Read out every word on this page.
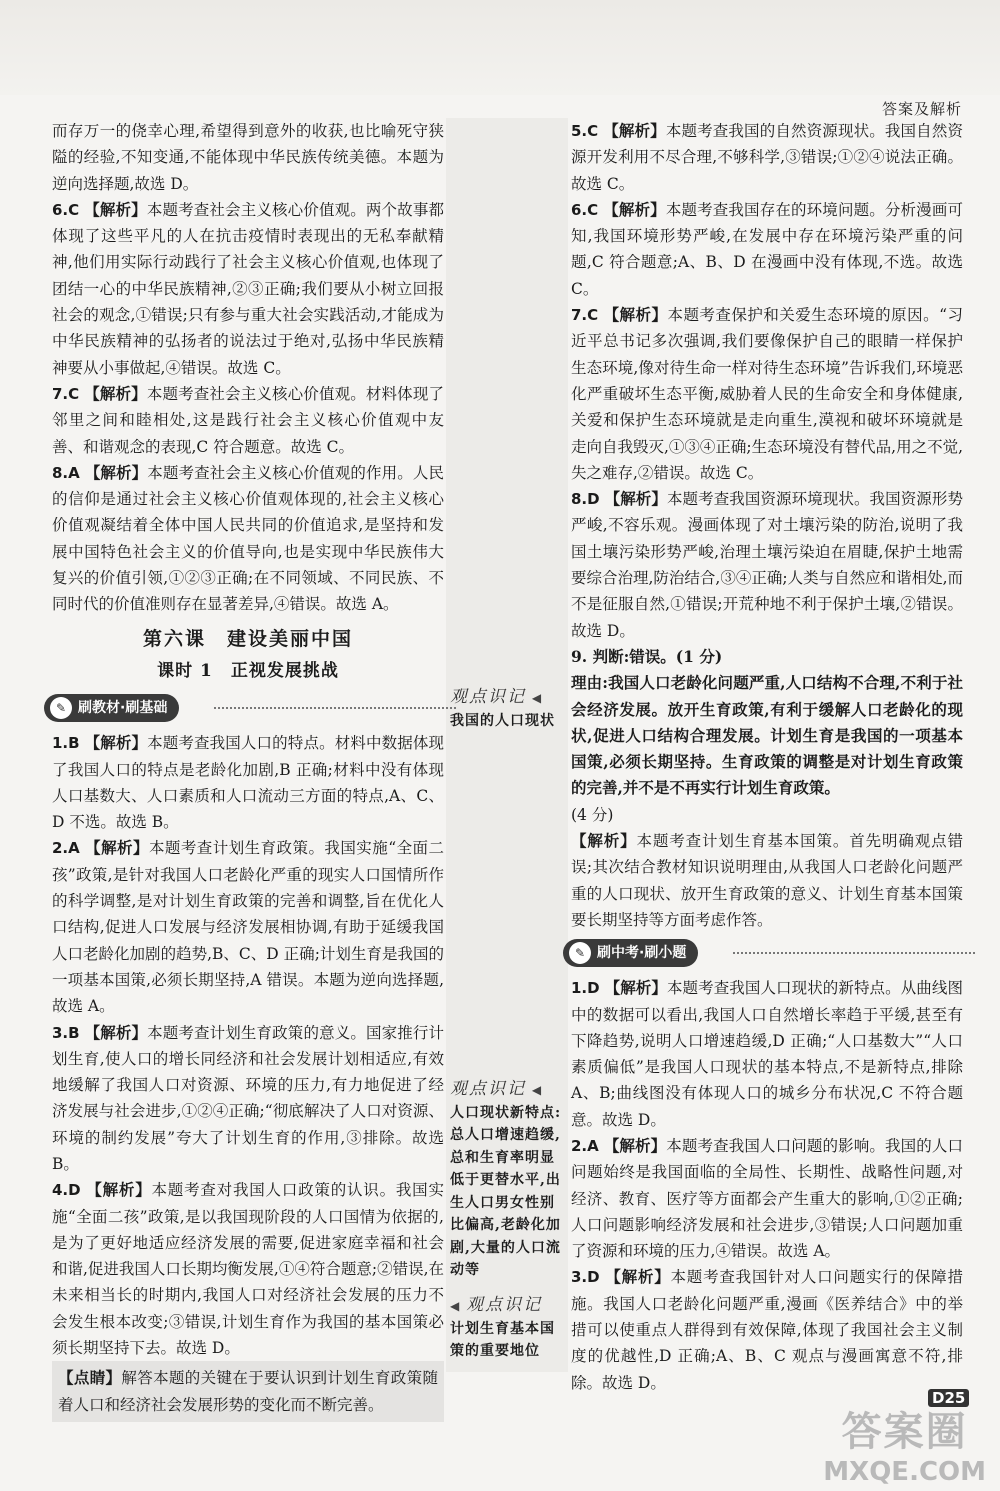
答案及解析

而存万一的侥幸心理,希望得到意外的收获,也比喻死守狭隘的经验,不知变通,不能体现中华民族传统美德。本题为逆向选择题,故选 D。

6.C 【解析】本题考查社会主义核心价值观。两个故事都体现了这些平凡的人在抗击疫情时表现出的无私奉献精神,他们用实际行动践行了社会主义核心价值观,也体现了团结一心的中华民族精神,②③正确;我们要从小树立回报社会的观念,①错误;只有参与重大社会实践活动,才能成为中华民族精神的弘扬者的说法过于绝对,弘扬中华民族精神要从小事做起,④错误。故选 C。

7.C 【解析】本题考查社会主义核心价值观。材料体现了邻里之间和睦相处,这是践行社会主义核心价值观中友善、和谐观念的表现,C 符合题意。故选 C。

8.A 【解析】本题考查社会主义核心价值观的作用。人民的信仰是通过社会主义核心价值观体现的,社会主义核心价值观凝结着全体中国人民共同的价值追求,是坚持和发展中国特色社会主义的价值导向,也是实现中华民族伟大复兴的价值引领,①②③正确;在不同领域、不同民族、不同时代的价值准则存在显著差异,④错误。故选 A。

第六课　建设美丽中国
课时 1　正视发展挑战
✎ 刷教材·刷基础

1.B 【解析】本题考查我国人口的特点。材料中数据体现了我国人口的特点是老龄化加剧,B 正确;材料中没有体现人口基数大、人口素质和人口流动三方面的特点,A、C、D 不选。故选 B。

2.A 【解析】本题考查计划生育政策。我国实施“全面二孩”政策,是针对我国人口老龄化严重的现实人口国情所作的科学调整,是对计划生育政策的完善和调整,旨在优化人口结构,促进人口发展与经济发展相协调,有助于延缓我国人口老龄化加剧的趋势,B、C、D 正确;计划生育是我国的一项基本国策,必须长期坚持,A 错误。本题为逆向选择题,故选 A。

3.B 【解析】本题考查计划生育政策的意义。国家推行计划生育,使人口的增长同经济和社会发展计划相适应,有效地缓解了我国人口对资源、环境的压力,有力地促进了经济发展与社会进步,①②④正确;“彻底解决了人口对资源、环境的制约发展”夸大了计划生育的作用,③排除。故选 B。

4.D 【解析】本题考查对我国人口政策的认识。我国实施“全面二孩”政策,是以我国现阶段的人口国情为依据的,是为了更好地适应经济发展的需要,促进家庭幸福和社会和谐,促进我国人口长期均衡发展,①④符合题意;②错误,在未来相当长的时期内,我国人口对经济社会发展的压力不会发生根本改变;③错误,计划生育作为我国的基本国策必须长期坚持下去。故选 D。

【点睛】解答本题的关键在于要认识到计划生育政策随着人口和经济社会发展形势的变化而不断完善。

观点识记 ◀
我国的人口现状
观点识记 ◀
人口现状新特点:总人口增速趋缓,总和生育率明显低于更替水平,出生人口男女性别比偏高,老龄化加剧,大量的人口流动等
◀ 观点识记
计划生育基本国策的重要地位

5.C 【解析】本题考查我国的自然资源现状。我国自然资源开发利用不尽合理,不够科学,③错误;①②④说法正确。故选 C。

6.C 【解析】本题考查我国存在的环境问题。分析漫画可知,我国环境形势严峻,在发展中存在环境污染严重的问题,C 符合题意;A、B、D 在漫画中没有体现,不选。故选 C。

7.C 【解析】本题考查保护和关爱生态环境的原因。“习近平总书记多次强调,我们要像保护自己的眼睛一样保护生态环境,像对待生命一样对待生态环境”告诉我们,环境恶化严重破坏生态平衡,威胁着人民的生命安全和身体健康,关爱和保护生态环境就是走向重生,漠视和破坏环境就是走向自我毁灭,①③④正确;生态环境没有替代品,用之不觉,失之难存,②错误。故选 C。

8.D 【解析】本题考查我国资源环境现状。我国资源形势严峻,不容乐观。漫画体现了对土壤污染的防治,说明了我国土壤污染形势严峻,治理土壤污染迫在眉睫,保护土地需要综合治理,防治结合,③④正确;人类与自然应和谐相处,而不是征服自然,①错误;开荒种地不利于保护土壤,②错误。故选 D。

9. 判断:错误。(1 分)

理由:我国人口老龄化问题严重,人口结构不合理,不利于社会经济发展。放开生育政策,有利于缓解人口老龄化的现状,促进人口结构合理发展。计划生育是我国的一项基本国策,必须长期坚持。生育政策的调整是对计划生育政策的完善,并不是不再实行计划生育政策。

(4 分)

【解析】本题考查计划生育基本国策。首先明确观点错误;其次结合教材知识说明理由,从我国人口老龄化问题严重的人口现状、放开生育政策的意义、计划生育基本国策要长期坚持等方面考虑作答。

✎ 刷中考·刷小题

1.D 【解析】本题考查我国人口现状的新特点。从曲线图中的数据可以看出,我国人口自然增长率趋于平缓,甚至有下降趋势,说明人口增速趋缓,D 正确;“人口基数大”“人口素质偏低”是我国人口现状的基本特点,不是新特点,排除 A、B;曲线图没有体现人口的城乡分布状况,C 不符合题意。故选 D。

2.A 【解析】本题考查我国人口问题的影响。我国的人口问题始终是我国面临的全局性、长期性、战略性问题,对经济、教育、医疗等方面都会产生重大的影响,①②正确;人口问题影响经济发展和社会进步,③错误;人口问题加重了资源和环境的压力,④错误。故选 A。

3.D 【解析】本题考查我国针对人口问题实行的保障措施。我国人口老龄化问题严重,漫画《医养结合》中的举措可以使重点人群得到有效保障,体现了我国社会主义制度的优越性,D 正确;A、B、C 观点与漫画寓意不符,排除。故选 D。

D25
答案圈
MXQE.COM
